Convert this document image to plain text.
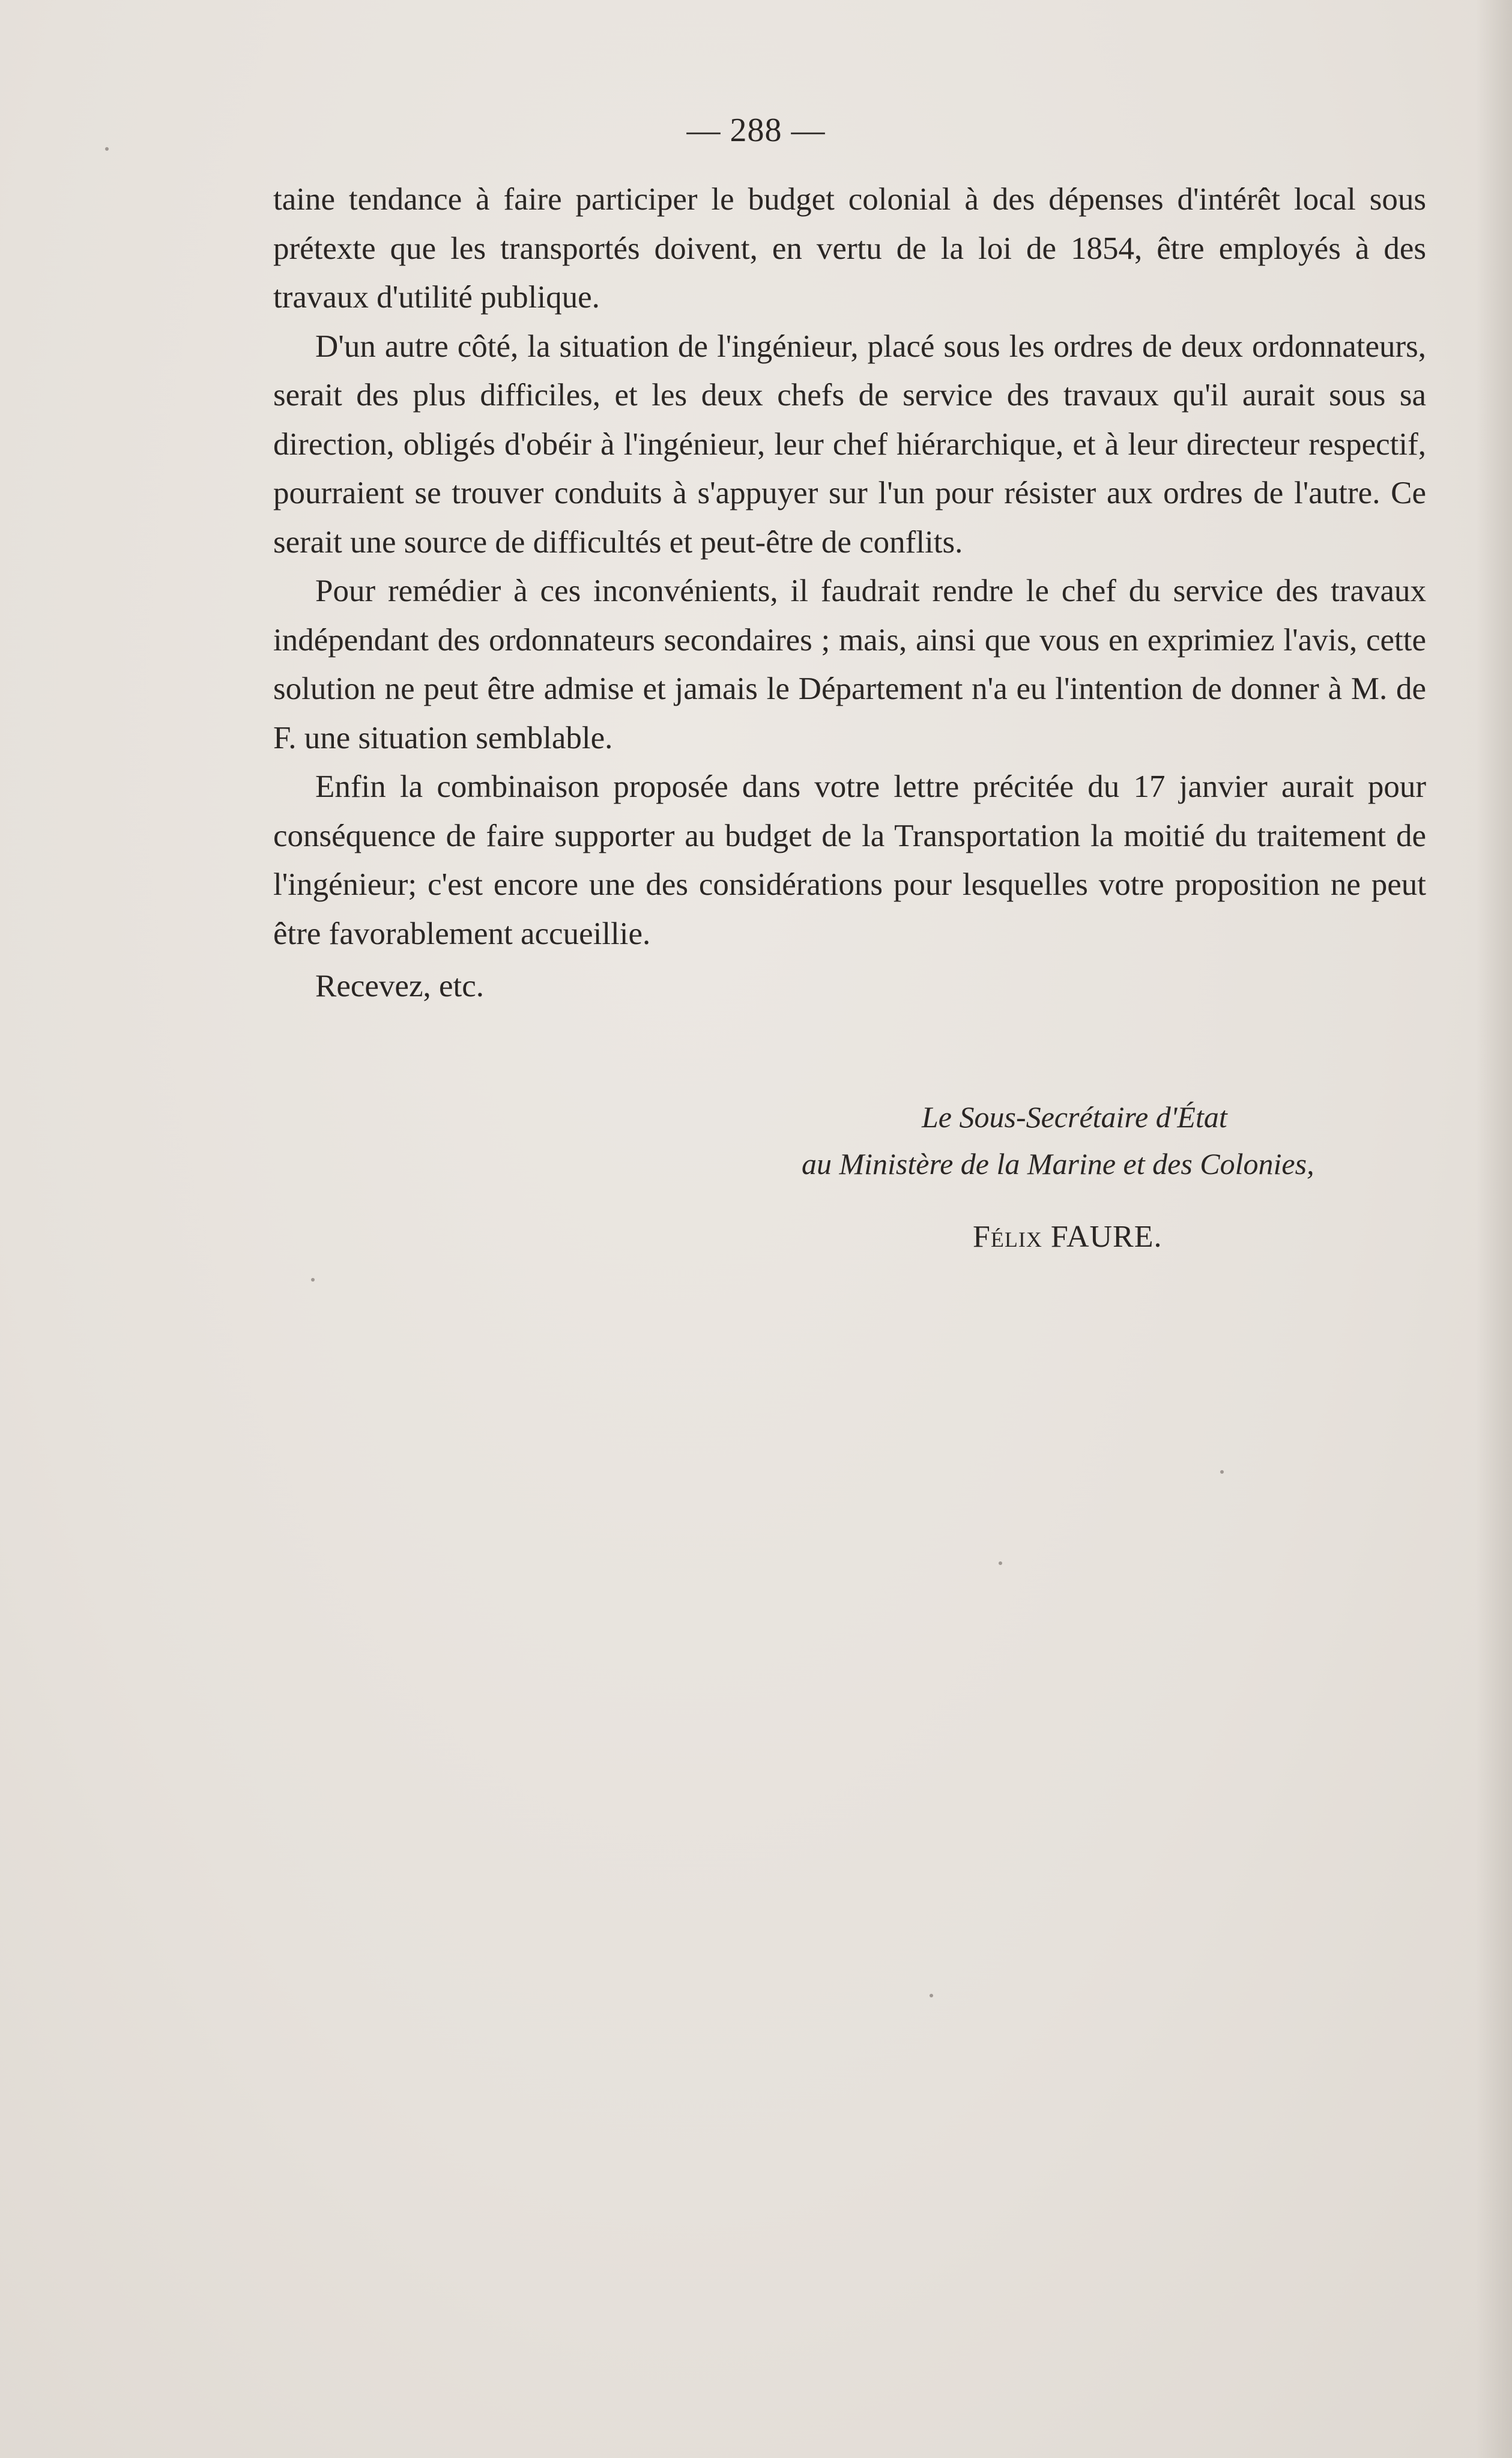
— 288 —

taine tendance à faire participer le budget colonial à des dépenses d'intérêt local sous prétexte que les transportés doivent, en vertu de la loi de 1854, être employés à des travaux d'utilité publique.

D'un autre côté, la situation de l'ingénieur, placé sous les ordres de deux ordonnateurs, serait des plus difficiles, et les deux chefs de service des travaux qu'il aurait sous sa direction, obligés d'obéir à l'ingénieur, leur chef hiérarchique, et à leur directeur respectif, pourraient se trouver conduits à s'appuyer sur l'un pour résister aux ordres de l'autre. Ce serait une source de difficultés et peut-être de conflits.

Pour remédier à ces inconvénients, il faudrait rendre le chef du service des travaux indépendant des ordonnateurs secondaires ; mais, ainsi que vous en exprimiez l'avis, cette solution ne peut être admise et jamais le Département n'a eu l'intention de donner à M. de F. une situation semblable.

Enfin la combinaison proposée dans votre lettre précitée du 17 janvier aurait pour conséquence de faire supporter au budget de la Transportation la moitié du traitement de l'ingénieur; c'est encore une des considérations pour lesquelles votre proposition ne peut être favorablement accueillie.

Recevez, etc.

Le Sous-Secrétaire d'État
au Ministère de la Marine et des Colonies,
Félix FAURE.
